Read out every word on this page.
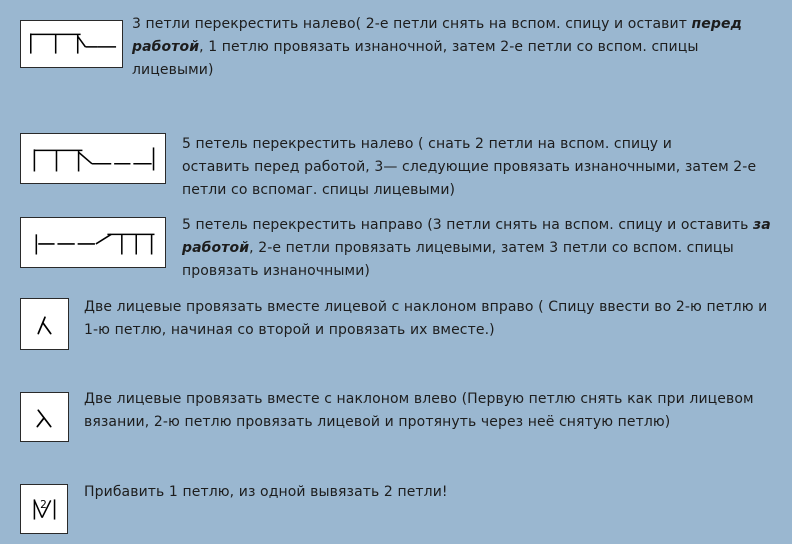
3 петли перекрестить налево( 2-е петли снять на вспом. спицу и оставит перед
работой, 1 петлю провязать изнаночной, затем 2-е петли со вспом. спицы
лицевыми)
5 петель перекрестить налево ( снать 2 петли на вспом. спицу и
оставить перед работой, 3— следующие провязать изнаночными, затем 2-е
петли со вспомаг. спицы лицевыми)
5 петель перекрестить направо (3 петли снять на вспом. спицу и оставить за
работой, 2-е петли провязать лицевыми, затем 3 петли со вспом. спицы
провязать изнаночными)
Две лицевые провязать вместе лицевой с наклоном вправо ( Спицу ввести во 2-ю петлю и
1-ю петлю, начиная со второй и провязать их вместе.)
Две лицевые провязать вместе с наклоном влево (Первую петлю снять как при лицевом
вязании, 2-ю петлю провязать лицевой и протянуть через неё снятую петлю)
2
Прибавить 1 петлю, из одной вывязать 2 петли!
